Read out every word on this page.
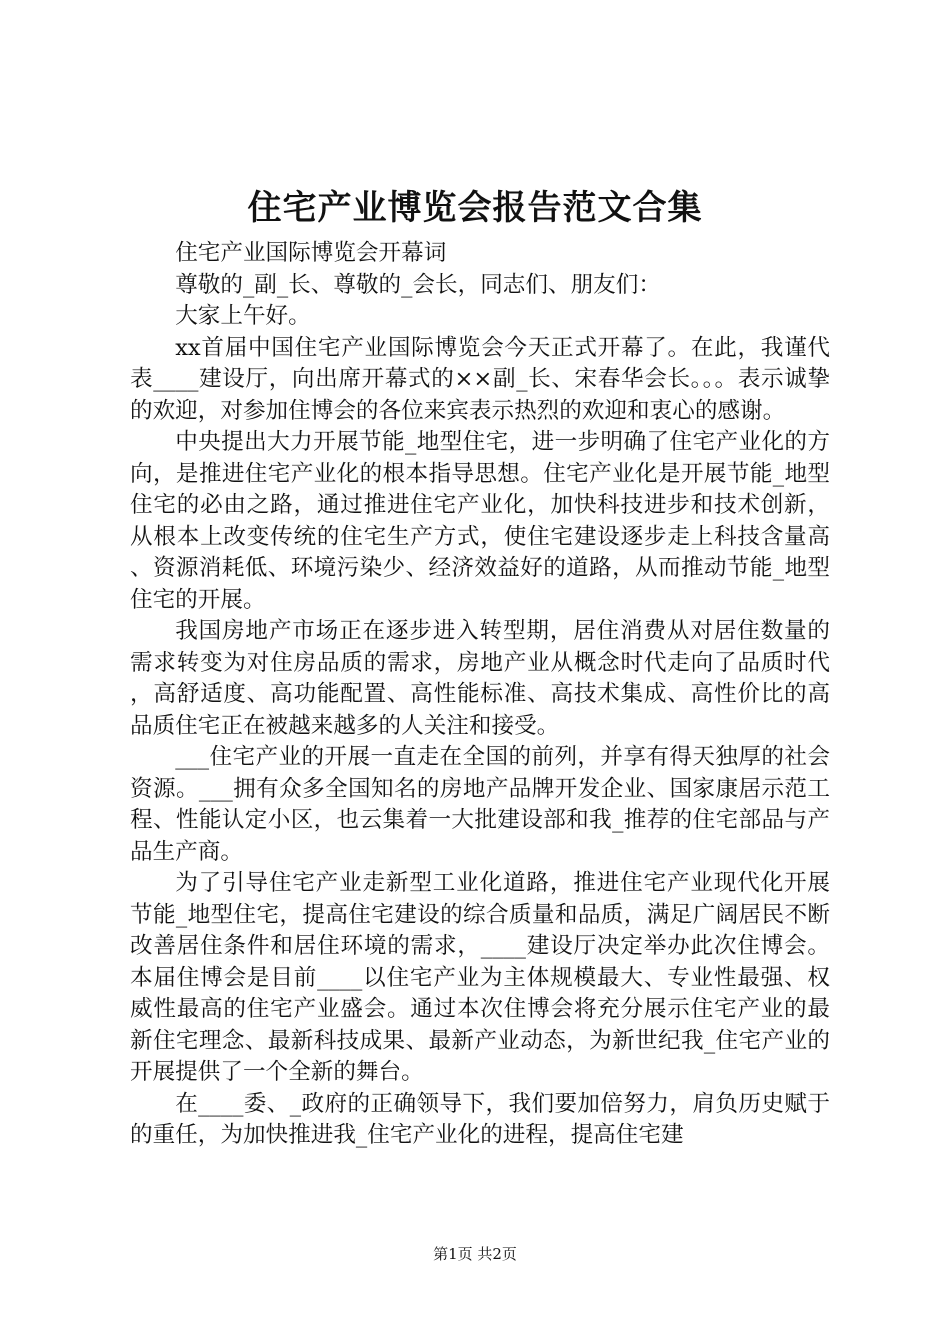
住宅产业博览会报告范文合集

住宅产业国际博览会开幕词

尊敬的_副_长、尊敬的_会长，同志们、朋友们：

大家上午好。

xx首届中国住宅产业国际博览会今天正式开幕了。在此，我谨代表____建设厅，向出席开幕式的××副_长、宋春华会长。。。表示诚挚的欢迎，对参加住博会的各位来宾表示热烈的欢迎和衷心的感谢。

中央提出大力开展节能_地型住宅，进一步明确了住宅产业化的方向，是推进住宅产业化的根本指导思想。住宅产业化是开展节能_地型住宅的必由之路，通过推进住宅产业化，加快科技进步和技术创新，从根本上改变传统的住宅生产方式，使住宅建设逐步走上科技含量高、资源消耗低、环境污染少、经济效益好的道路，从而推动节能_地型住宅的开展。

我国房地产市场正在逐步进入转型期，居住消费从对居住数量的需求转变为对住房品质的需求，房地产业从概念时代走向了品质时代，高舒适度、高功能配置、高性能标准、高技术集成、高性价比的高品质住宅正在被越来越多的人关注和接受。

___住宅产业的开展一直走在全国的前列，并享有得天独厚的社会资源。___拥有众多全国知名的房地产品牌开发企业、国家康居示范工程、性能认定小区，也云集着一大批建设部和我_推荐的住宅部品与产品生产商。

为了引导住宅产业走新型工业化道路，推进住宅产业现代化开展节能_地型住宅，提高住宅建设的综合质量和品质，满足广阔居民不断改善居住条件和居住环境的需求，____建设厅决定举办此次住博会。本届住博会是目前____以住宅产业为主体规模最大、专业性最强、权威性最高的住宅产业盛会。通过本次住博会将充分展示住宅产业的最新住宅理念、最新科技成果、最新产业动态，为新世纪我_住宅产业的开展提供了一个全新的舞台。

在____委、_政府的正确领导下，我们要加倍努力，肩负历史赋于的重任，为加快推进我_住宅产业化的进程，提高住宅建

第1页 共2页
